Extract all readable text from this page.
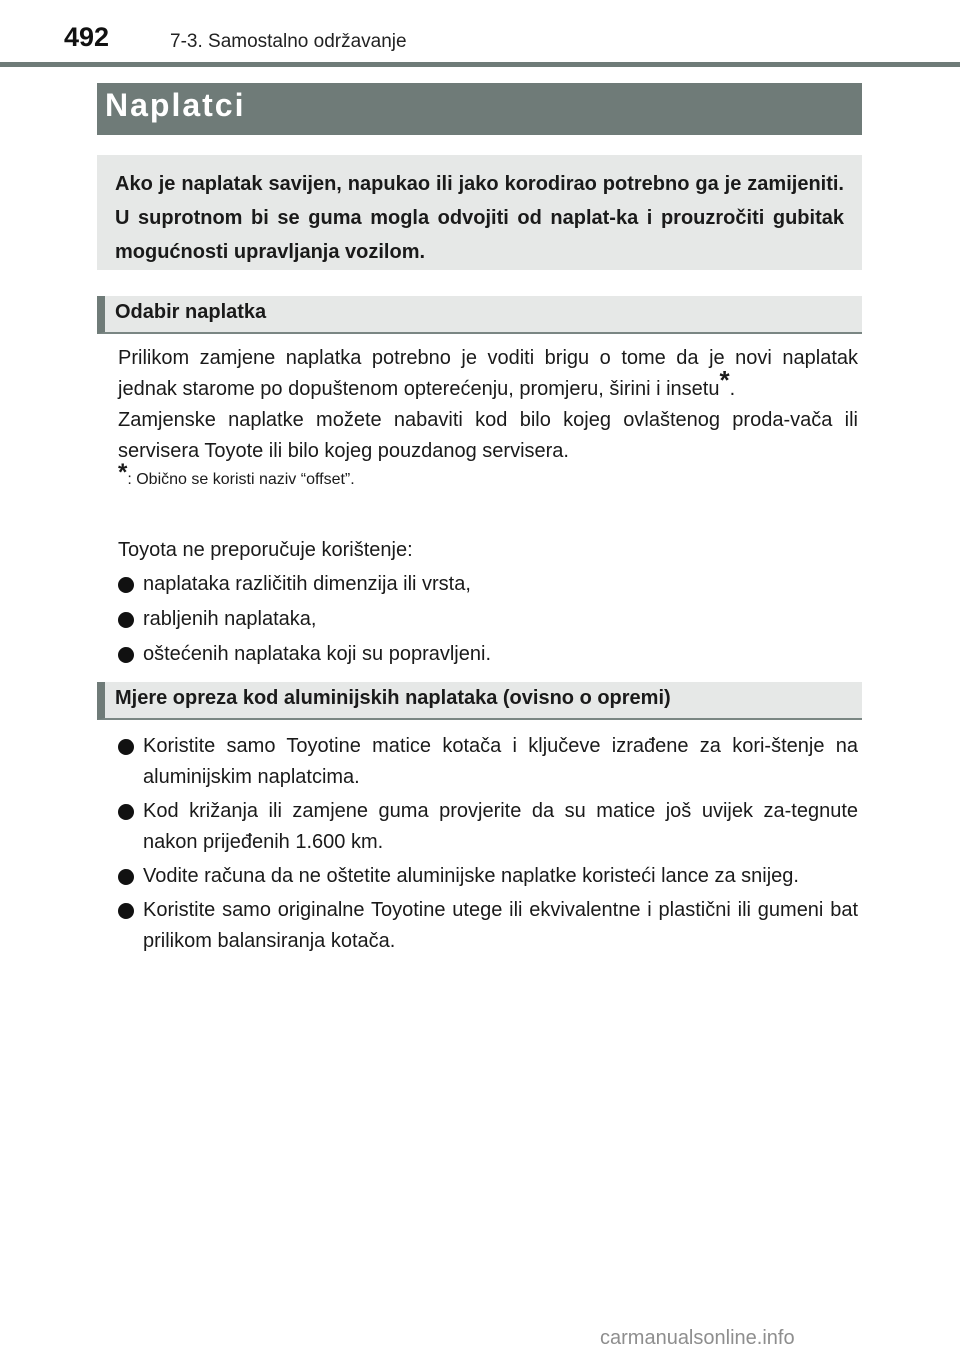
492	7-3. Samostalno održavanje
Naplatci
Ako je naplatak savijen, napukao ili jako korodirao potrebno ga je zamijeniti. U suprotnom bi se guma mogla odvojiti od naplat-ka i prouzročiti gubitak mogućnosti upravljanja vozilom.
Odabir naplatka

Prilikom zamjene naplatka potrebno je voditi brigu o tome da je novi naplatak jednak starome po dopuštenom opterećenju, promjeru, širini i insetu*.

Zamjenske naplatke možete nabaviti kod bilo kojeg ovlaštenog proda-vača ili servisera Toyote ili bilo kojeg pouzdanog servisera.

*: Obično se koristi naziv “offset”.

Toyota ne preporučuje korištenje:

naplataka različitih dimenzija ili vrsta,
rabljenih naplataka,
oštećenih naplataka koji su popravljeni.
Mjere opreza kod aluminijskih naplataka (ovisno o opremi)
Koristite samo Toyotine matice kotača i ključeve izrađene za kori-štenje na aluminijskim naplatcima.
Kod križanja ili zamjene guma provjerite da su matice još uvijek za-tegnute nakon prijeđenih 1.600 km.
Vodite računa da ne oštetite aluminijske naplatke koristeći lance za snijeg.
Koristite samo originalne Toyotine utege ili ekvivalentne i plastični ili gumeni bat prilikom balansiranja kotača.
carmanualsonline.info
